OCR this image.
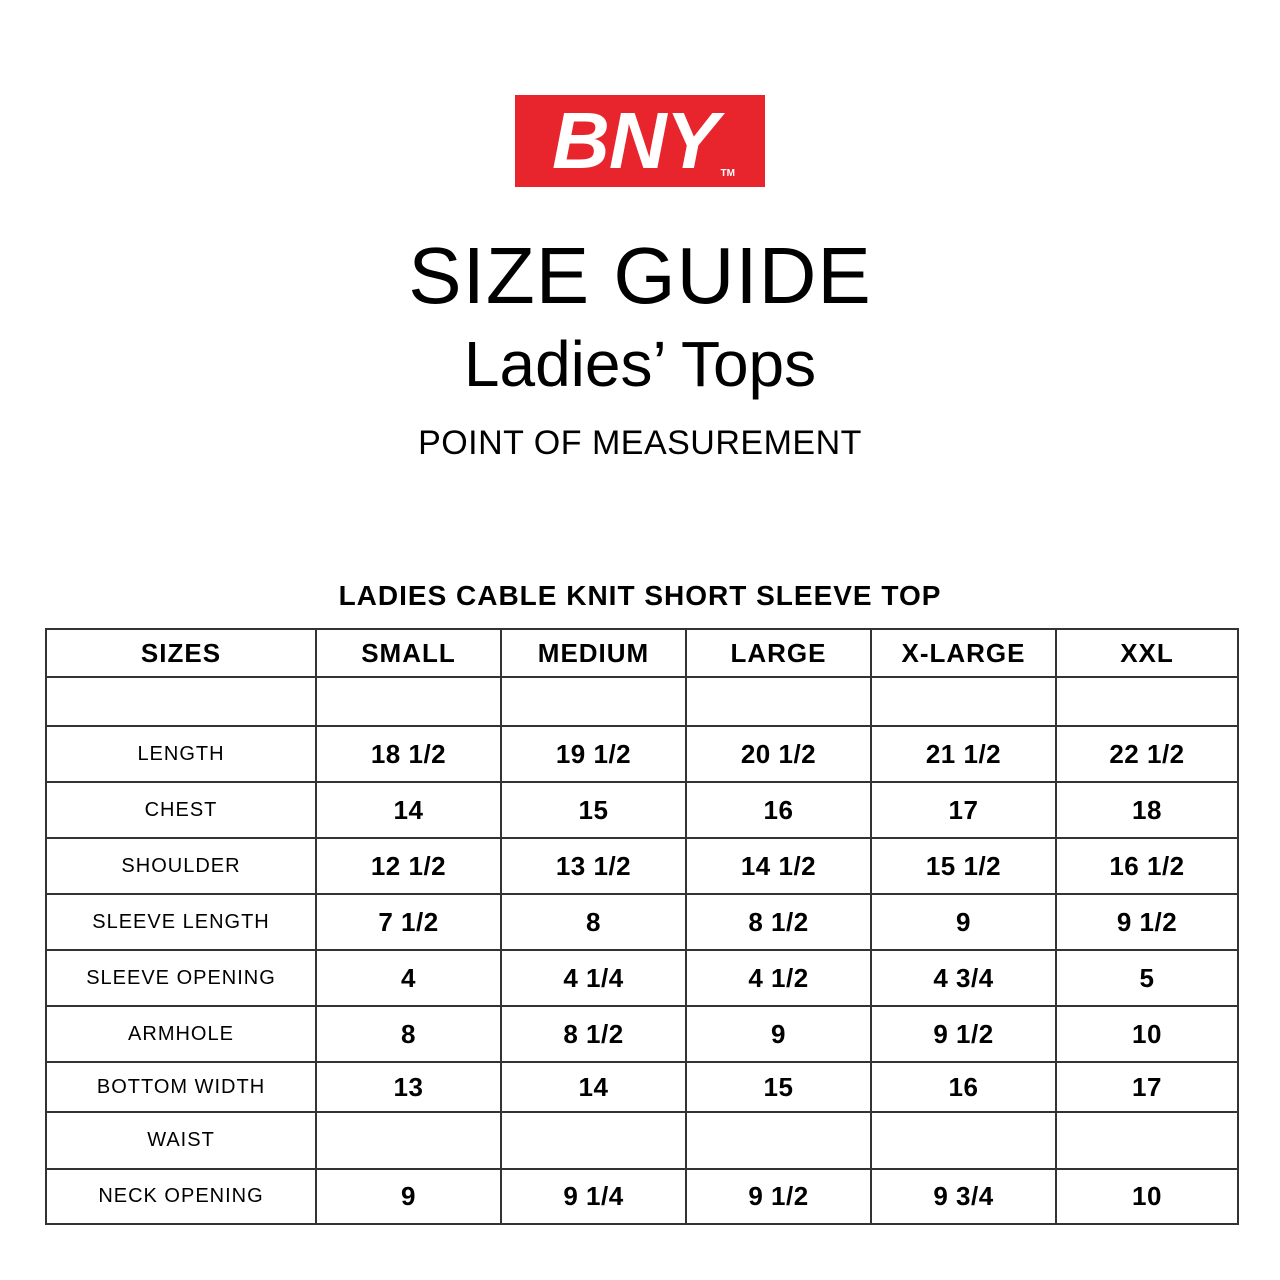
BNY TM
SIZE GUIDE
Ladies’ Tops
POINT OF MEASUREMENT
LADIES CABLE KNIT SHORT SLEEVE TOP
SIZES	SMALL	MEDIUM	LARGE	X-LARGE	XXL

LENGTH	18 1/2	19 1/2	20 1/2	21 1/2	22 1/2
CHEST	14	15	16	17	18
SHOULDER	12 1/2	13 1/2	14 1/2	15 1/2	16 1/2
SLEEVE LENGTH	7 1/2	8	8 1/2	9	9 1/2
SLEEVE OPENING	4	4 1/4	4 1/2	4 3/4	5
ARMHOLE	8	8 1/2	9	9 1/2	10
BOTTOM WIDTH	13	14	15	16	17
WAIST					
NECK OPENING	9	9 1/4	9 1/2	9 3/4	10
